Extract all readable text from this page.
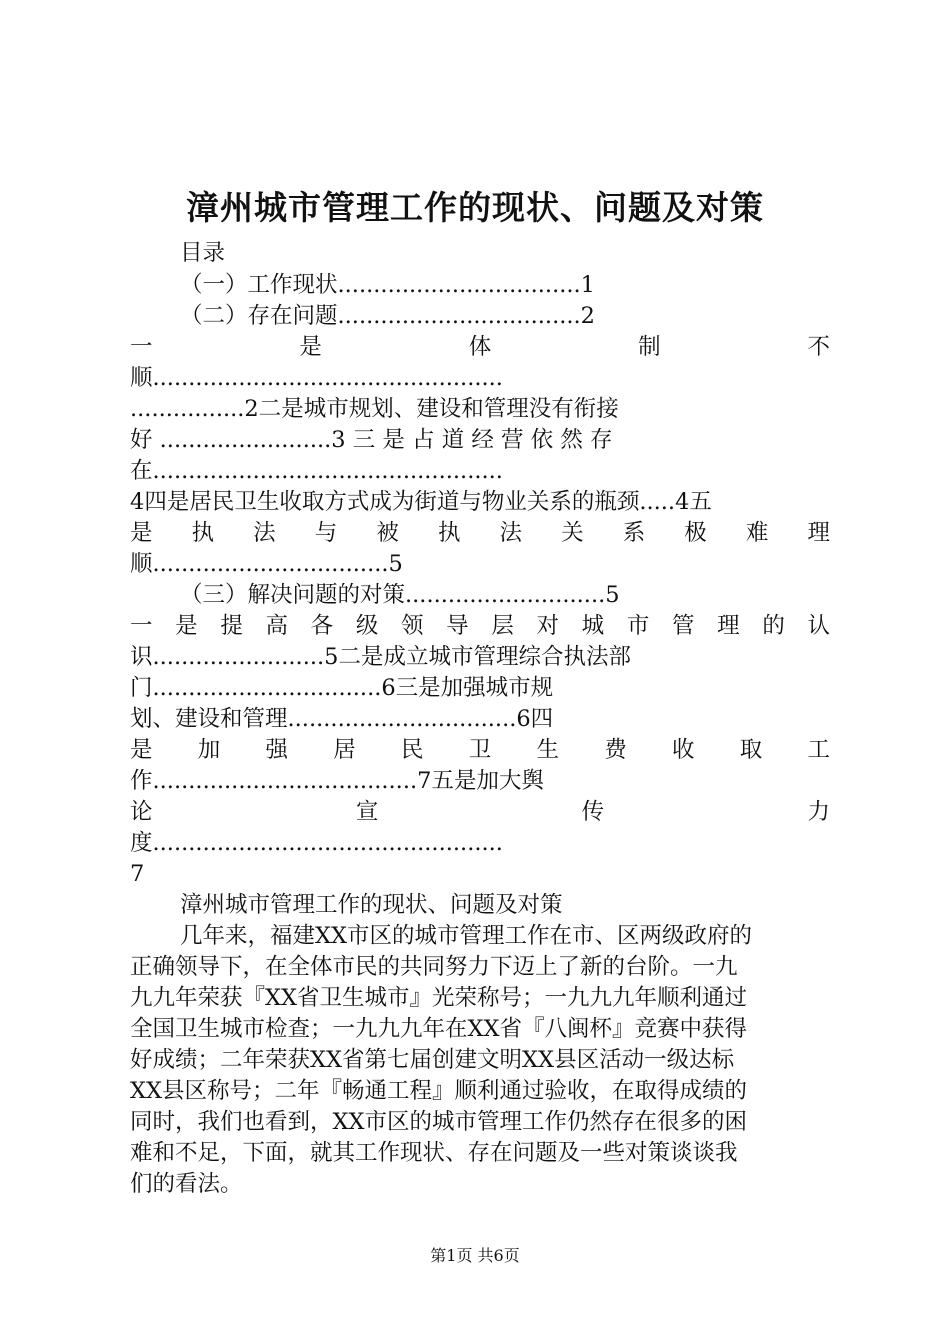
漳州城市管理工作的现状、问题及对策
目录
（一）工作现状..................................1
（二）存在问题..................................2
一 是 体 制 不
顺.................................................
................2二是城市规划、建设和管理没有衔接
好 ........................3 三 是 占 道 经 营 依 然 存
在.................................................
4四是居民卫生收取方式成为街道与物业关系的瓶颈.....4五
是 执 法 与 被 执 法 关 系 极 难 理
顺.................................5
（三）解决问题的对策............................5
一 是 提 高 各 级 领 导 层 对 城 市 管 理 的 认
识........................5二是成立城市管理综合执法部
门................................6三是加强城市规
划、建设和管理................................6四
是 加 强 居 民 卫 生 费 收 取 工
作.....................................7五是加大舆
论 宣 传 力
度.................................................
7
漳州城市管理工作的现状、问题及对策
几年来，福建XX市区的城市管理工作在市、区两级政府的
正确领导下，在全体市民的共同努力下迈上了新的台阶。一九
九九年荣获『XX省卫生城市』光荣称号；一九九九年顺利通过
全国卫生城市检查；一九九九年在XX省『八闽杯』竞赛中获得
好成绩；二年荣获XX省第七届创建文明XX县区活动一级达标
XX县区称号；二年『畅通工程』顺利通过验收，在取得成绩的
同时，我们也看到，XX市区的城市管理工作仍然存在很多的困
难和不足，下面，就其工作现状、存在问题及一些对策谈谈我
们的看法。
第1页 共6页
